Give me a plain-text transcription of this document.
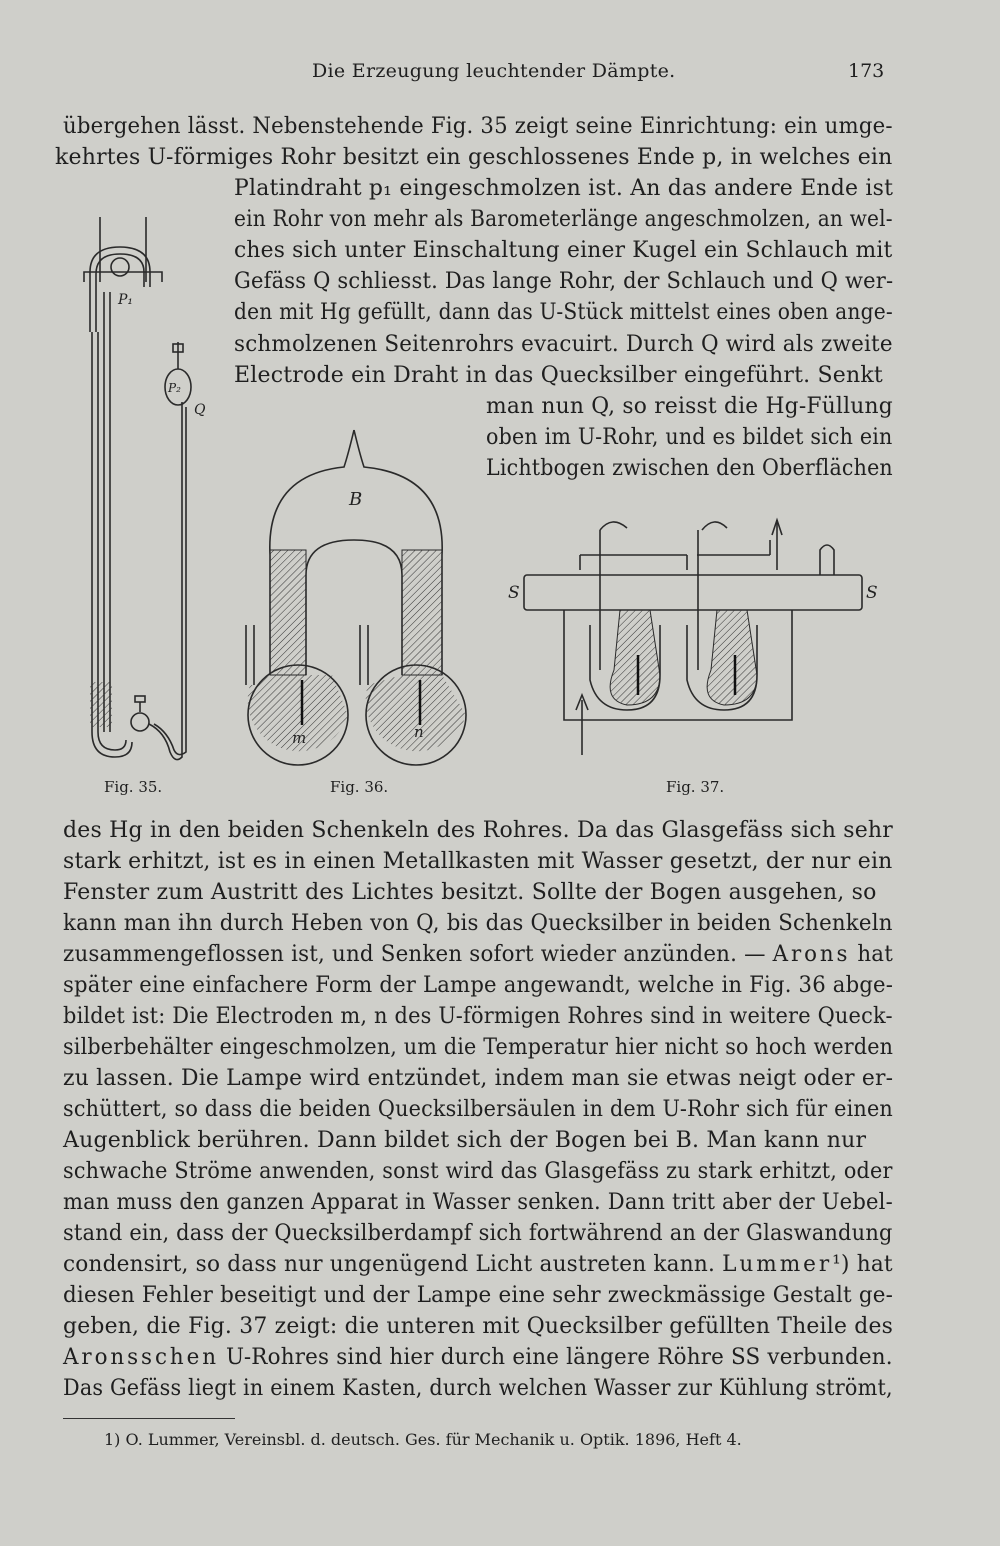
Die Erzeugung leuchtender Dämpte.	173
übergehen lässt. Nebenstehende Fig. 35 zeigt seine Einrichtung: ein umge-
kehrtes U-förmiges Rohr besitzt ein geschlossenes Ende p, in welches ein
Platindraht p₁ eingeschmolzen ist. An das andere Ende ist
ein Rohr von mehr als Barometerlänge angeschmolzen, an wel-
ches sich unter Einschaltung einer Kugel ein Schlauch mit
Gefäss Q schliesst. Das lange Rohr, der Schlauch und Q wer-
den mit Hg gefüllt, dann das U-Stück mittelst eines oben ange-
schmolzenen Seitenrohrs evacuirt. Durch Q wird als zweite
Electrode ein Draht in das Quecksilber eingeführt. Senkt
man nun Q, so reisst die Hg-Füllung
oben im U-Rohr, und es bildet sich ein
Lichtbogen zwischen den Oberflächen
P₁
P₂
Q
Fig. 35.
B
m	n
Fig. 36.
S	S
Fig. 37.
des Hg in den beiden Schenkeln des Rohres. Da das Glasgefäss sich sehr
stark erhitzt, ist es in einen Metallkasten mit Wasser gesetzt, der nur ein
Fenster zum Austritt des Lichtes besitzt. Sollte der Bogen ausgehen, so
kann man ihn durch Heben von Q, bis das Quecksilber in beiden Schenkeln
zusammengeflossen ist, und Senken sofort wieder anzünden. — Arons hat
später eine einfachere Form der Lampe angewandt, welche in Fig. 36 abge-
bildet ist: Die Electroden m, n des U-förmigen Rohres sind in weitere Queck-
silberbehälter eingeschmolzen, um die Temperatur hier nicht so hoch werden
zu lassen. Die Lampe wird entzündet, indem man sie etwas neigt oder er-
schüttert, so dass die beiden Quecksilbersäulen in dem U-Rohr sich für einen
Augenblick berühren. Dann bildet sich der Bogen bei B. Man kann nur
schwache Ströme anwenden, sonst wird das Glasgefäss zu stark erhitzt, oder
man muss den ganzen Apparat in Wasser senken. Dann tritt aber der Uebel-
stand ein, dass der Quecksilberdampf sich fortwährend an der Glaswandung
condensirt, so dass nur ungenügend Licht austreten kann. Lummer¹) hat
diesen Fehler beseitigt und der Lampe eine sehr zweckmässige Gestalt ge-
geben, die Fig. 37 zeigt: die unteren mit Quecksilber gefüllten Theile des
Aronsschen U-Rohres sind hier durch eine längere Röhre SS verbunden.
Das Gefäss liegt in einem Kasten, durch welchen Wasser zur Kühlung strömt,
1) O. Lummer, Vereinsbl. d. deutsch. Ges. für Mechanik u. Optik. 1896, Heft 4.
